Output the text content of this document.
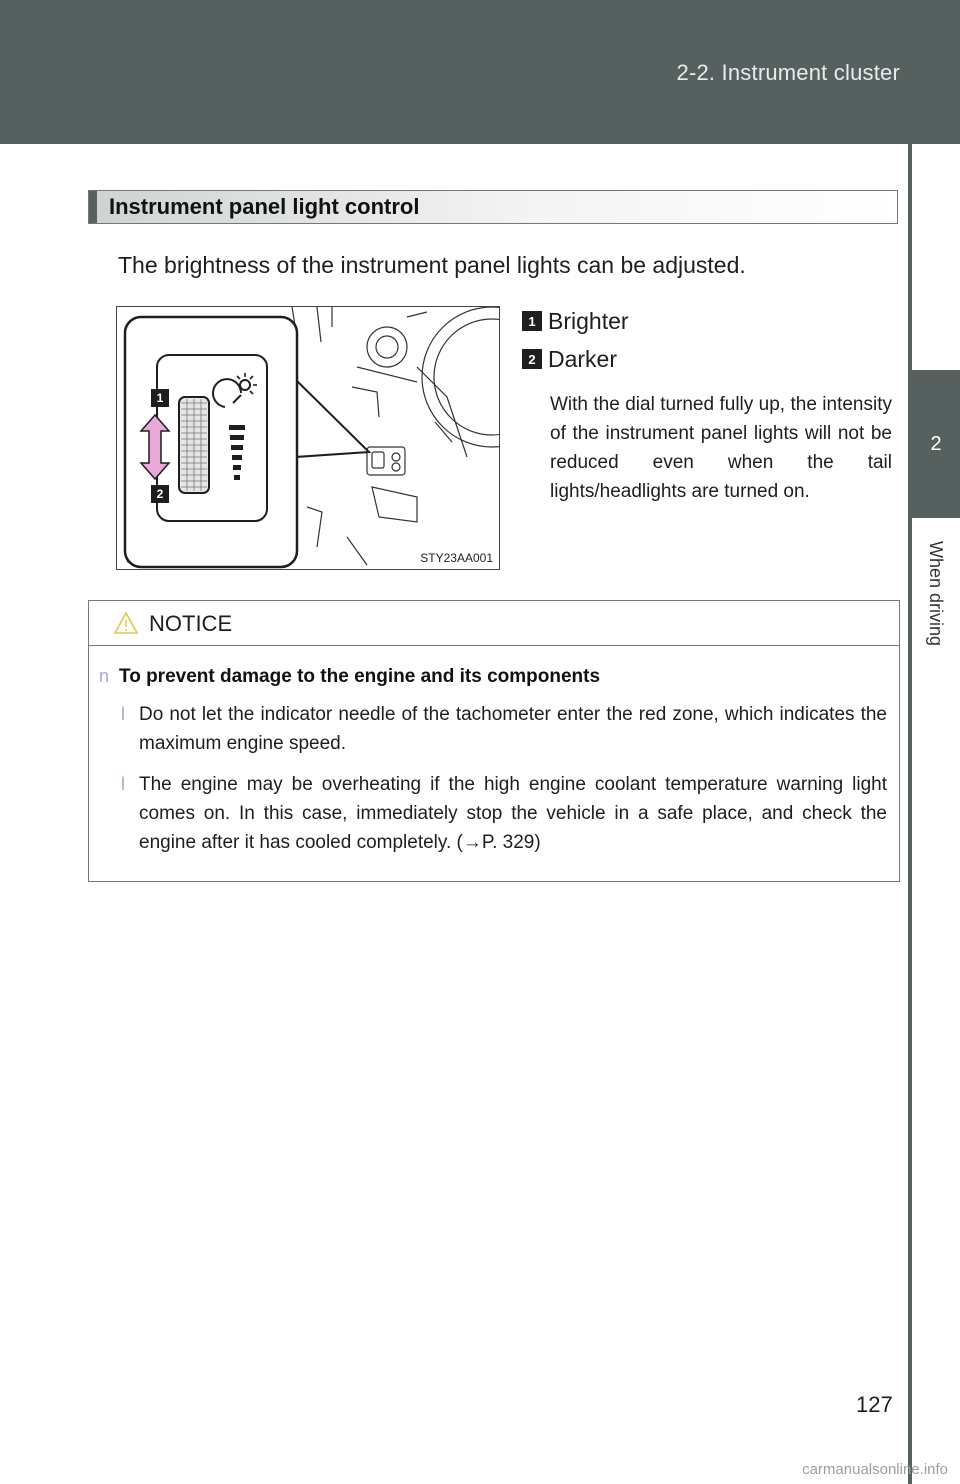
2-2. Instrument cluster
2
When driving
Instrument panel light control
The brightness of the instrument panel lights can be adjusted.
1
2
STY23AA001
1 Brighter
2 Darker
With the dial turned fully up, the intensity of the instrument panel lights will not be reduced even when the tail lights/headlights are turned on.
NOTICE
n To prevent damage to the engine and its components
l Do not let the indicator needle of the tachometer enter the red zone, which indicates the maximum engine speed.
l The engine may be overheating if the high engine coolant temperature warning light comes on. In this case, immediately stop the vehicle in a safe place, and check the engine after it has cooled completely. (→P. 329)
127
carmanualsonline.info
